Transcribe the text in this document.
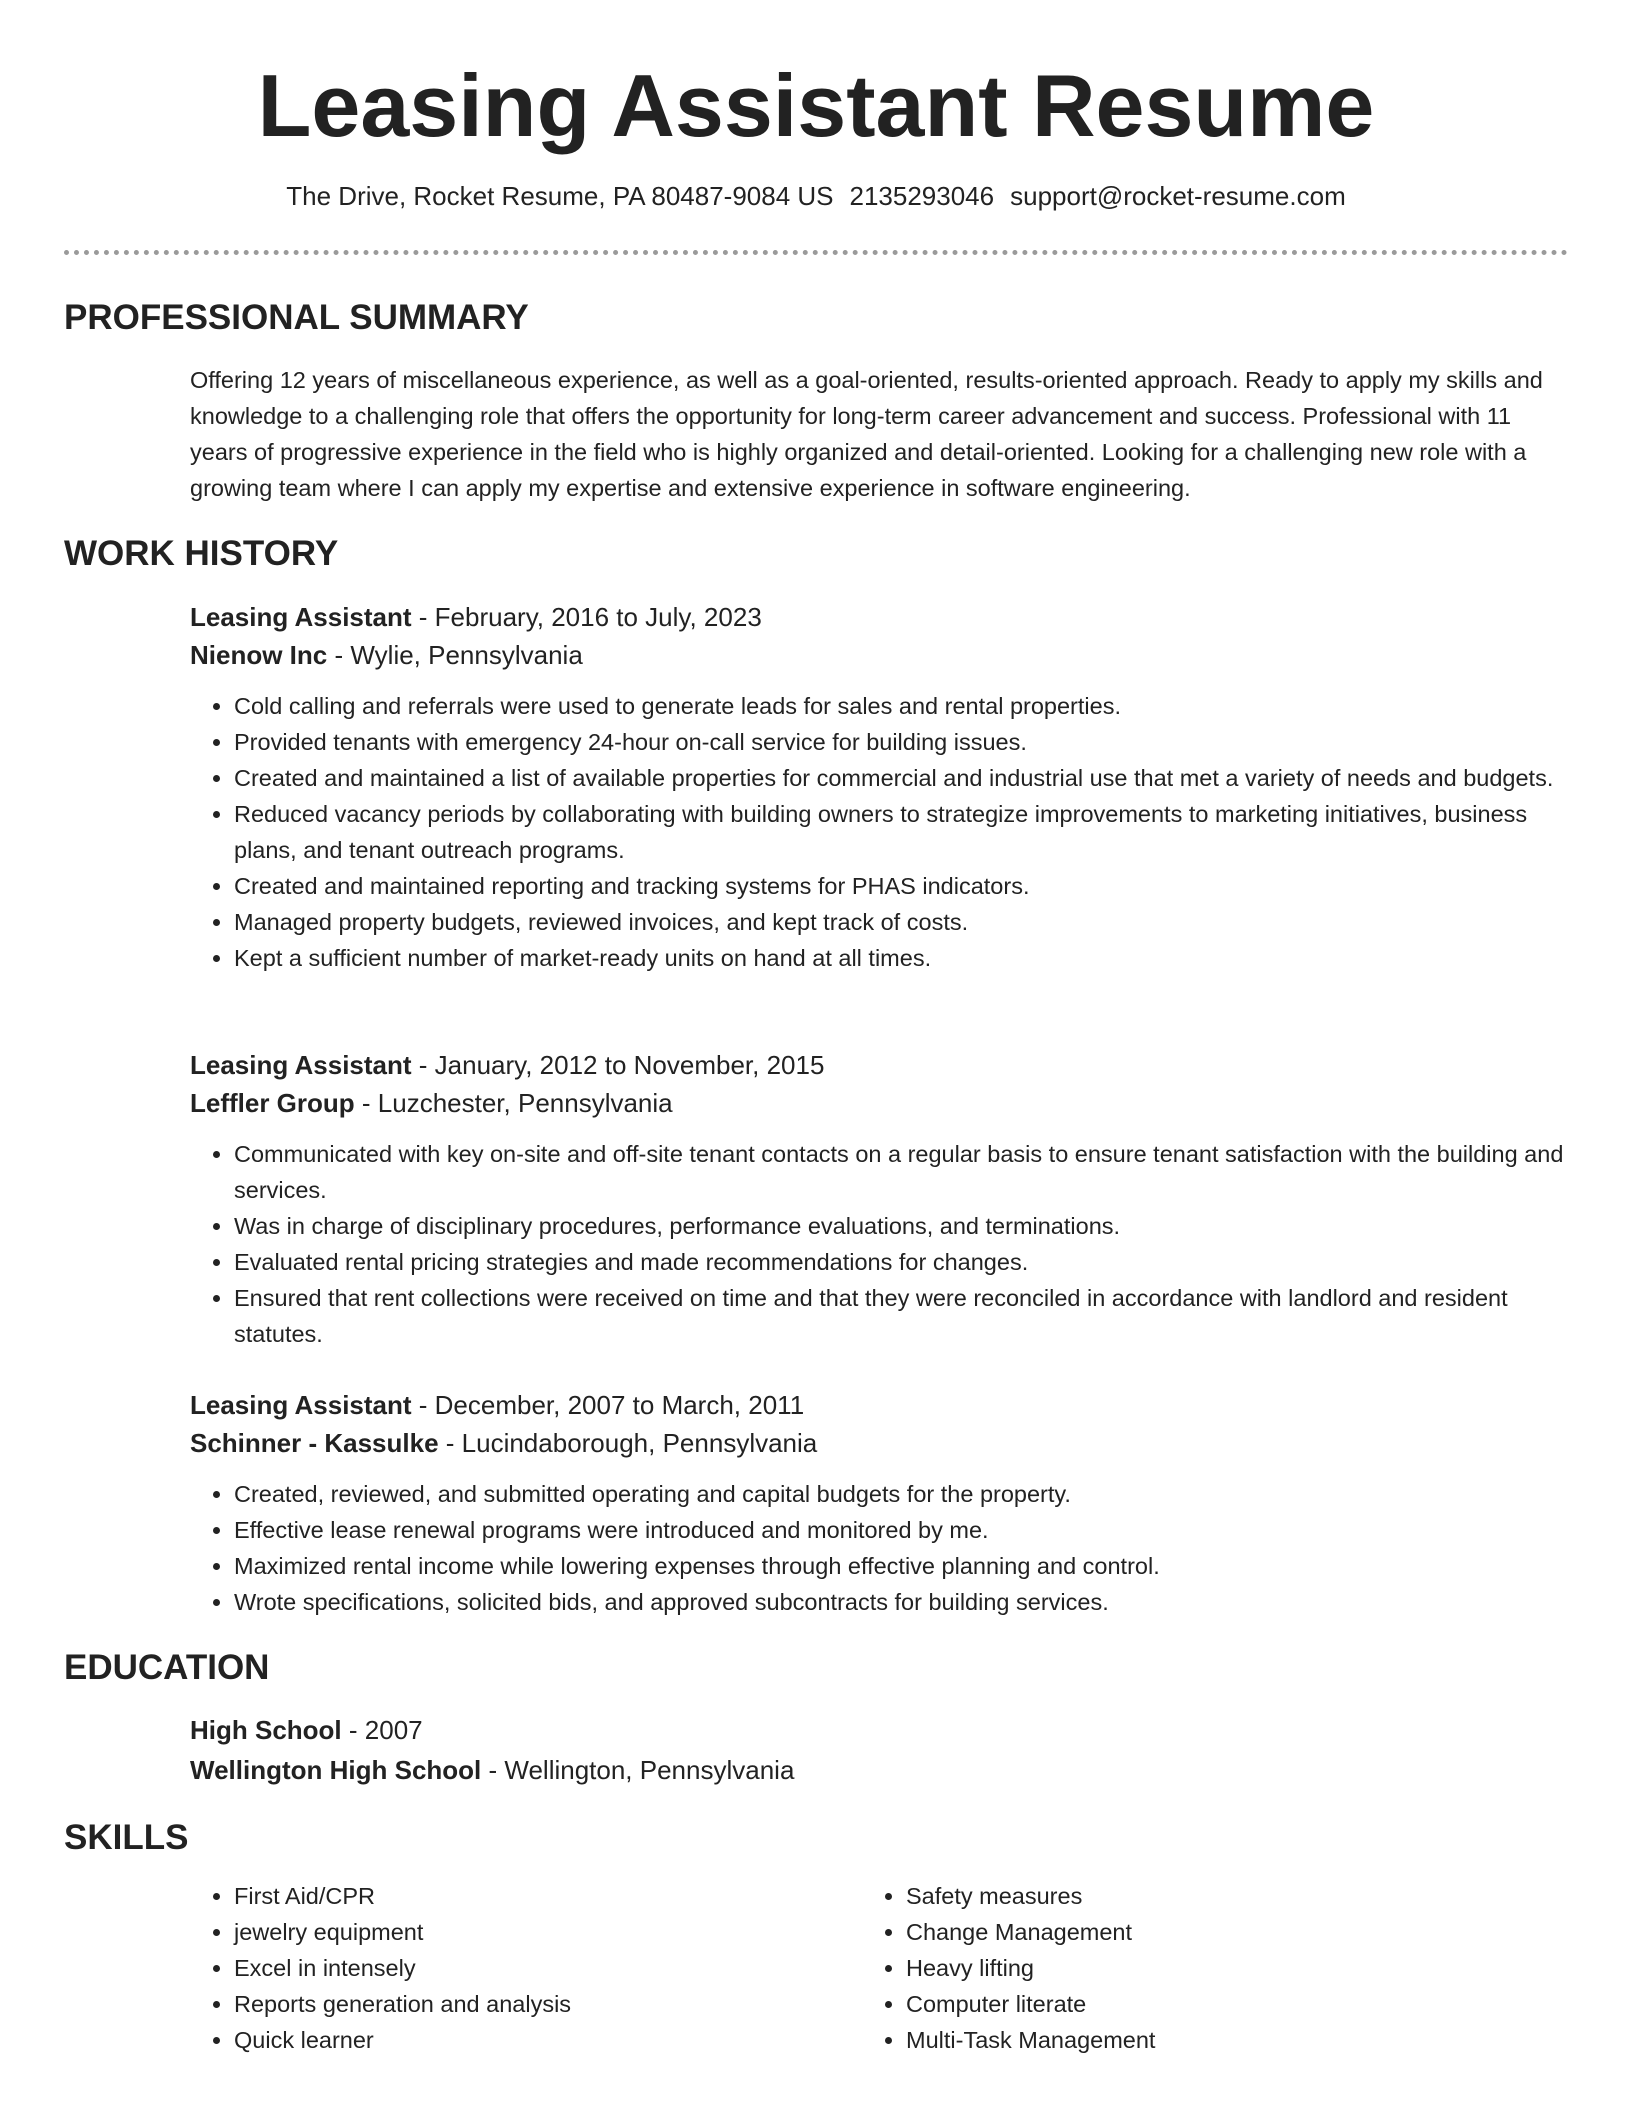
Leasing Assistant Resume
The Drive, Rocket Resume, PA 80487-9084 US 2135293046 support@rocket-resume.com
PROFESSIONAL SUMMARY

Offering 12 years of miscellaneous experience, as well as a goal-oriented, results-oriented approach. Ready to apply my skills and knowledge to a challenging role that offers the opportunity for long-term career advancement and success. Professional with 11 years of progressive experience in the field who is highly organized and detail-oriented. Looking for a challenging new role with a growing team where I can apply my expertise and extensive experience in software engineering.

WORK HISTORY
Leasing Assistant - February, 2016 to July, 2023
Nienow Inc - Wylie, Pennsylvania
• Cold calling and referrals were used to generate leads for sales and rental properties.
• Provided tenants with emergency 24-hour on-call service for building issues.
• Created and maintained a list of available properties for commercial and industrial use that met a variety of needs and budgets.
• Reduced vacancy periods by collaborating with building owners to strategize improvements to marketing initiatives, business plans, and tenant outreach programs.
• Created and maintained reporting and tracking systems for PHAS indicators.
• Managed property budgets, reviewed invoices, and kept track of costs.
• Kept a sufficient number of market-ready units on hand at all times.
Leasing Assistant - January, 2012 to November, 2015
Leffler Group - Luzchester, Pennsylvania
• Communicated with key on-site and off-site tenant contacts on a regular basis to ensure tenant satisfaction with the building and services.
• Was in charge of disciplinary procedures, performance evaluations, and terminations.
• Evaluated rental pricing strategies and made recommendations for changes.
• Ensured that rent collections were received on time and that they were reconciled in accordance with landlord and resident statutes.
Leasing Assistant - December, 2007 to March, 2011
Schinner - Kassulke - Lucindaborough, Pennsylvania
• Created, reviewed, and submitted operating and capital budgets for the property.
• Effective lease renewal programs were introduced and monitored by me.
• Maximized rental income while lowering expenses through effective planning and control.
• Wrote specifications, solicited bids, and approved subcontracts for building services.
EDUCATION
High School - 2007
Wellington High School - Wellington, Pennsylvania
SKILLS
• First Aid/CPR
• jewelry equipment
• Excel in intensely
• Reports generation and analysis
• Quick learner
• Safety measures
• Change Management
• Heavy lifting
• Computer literate
• Multi-Task Management
